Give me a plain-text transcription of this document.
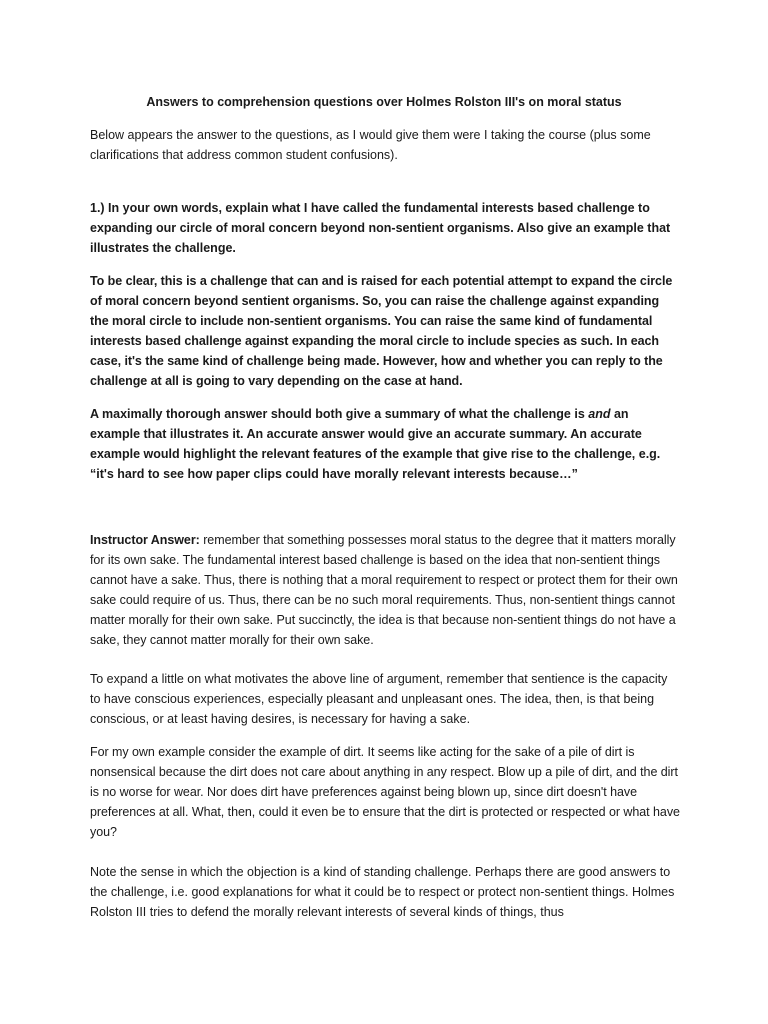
Answers to comprehension questions over Holmes Rolston III's on moral status

Below appears the answer to the questions, as I would give them were I taking the course (plus some clarifications that address common student confusions).

1.) In your own words, explain what I have called the fundamental interests based challenge to expanding our circle of moral concern beyond non-sentient organisms. Also give an example that illustrates the challenge.

To be clear, this is a challenge that can and is raised for each potential attempt to expand the circle of moral concern beyond sentient organisms. So, you can raise the challenge against expanding the moral circle to include non-sentient organisms. You can raise the same kind of fundamental interests based challenge against expanding the moral circle to include species as such. In each case, it's the same kind of challenge being made. However, how and whether you can reply to the challenge at all is going to vary depending on the case at hand.

A maximally thorough answer should both give a summary of what the challenge is and an example that illustrates it. An accurate answer would give an accurate summary. An accurate example would highlight the relevant features of the example that give rise to the challenge, e.g. “it's hard to see how paper clips could have morally relevant interests because…”

Instructor Answer: remember that something possesses moral status to the degree that it matters morally for its own sake. The fundamental interest based challenge is based on the idea that non-sentient things cannot have a sake. Thus, there is nothing that a moral requirement to respect or protect them for their own sake could require of us. Thus, there can be no such moral requirements. Thus, non-sentient things cannot matter morally for their own sake. Put succinctly, the idea is that because non-sentient things do not have a sake, they cannot matter morally for their own sake.

To expand a little on what motivates the above line of argument, remember that sentience is the capacity to have conscious experiences, especially pleasant and unpleasant ones. The idea, then, is that being conscious, or at least having desires, is necessary for having a sake.

For my own example consider the example of dirt. It seems like acting for the sake of a pile of dirt is nonsensical because the dirt does not care about anything in any respect. Blow up a pile of dirt, and the dirt is no worse for wear. Nor does dirt have preferences against being blown up, since dirt doesn't have preferences at all. What, then, could it even be to ensure that the dirt is protected or respected or what have you?

Note the sense in which the objection is a kind of standing challenge. Perhaps there are good answers to the challenge, i.e. good explanations for what it could be to respect or protect non-sentient things. Holmes Rolston III tries to defend the morally relevant interests of several kinds of things, thus
